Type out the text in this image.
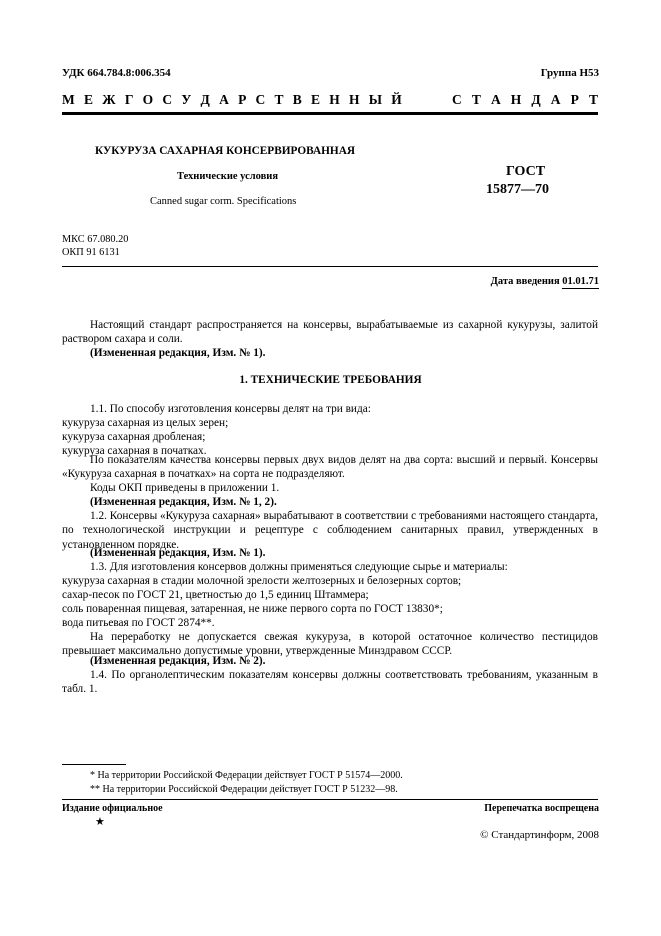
УДК 664.784.8:006.354	Группа Н53
М Е Ж Г О С У Д А Р С Т В Е Н Н Ы Й	С Т А Н Д А Р Т
КУКУРУЗА САХАРНАЯ КОНСЕРВИРОВАННАЯ
Технические условия
Canned sugar corm. Specifications
ГОСТ
15877—70
МКС 67.080.20
ОКП 91 6131
Дата введения 01.01.71
Настоящий стандарт распространяется на консервы, вырабатываемые из сахарной кукурузы, залитой раствором сахара и соли.
(Измененная редакция, Изм. № 1).
1. ТЕХНИЧЕСКИЕ ТРЕБОВАНИЯ
1.1. По способу изготовления консервы делят на три вида:
кукуруза сахарная из целых зерен;
кукуруза сахарная дробленая;
кукуруза сахарная в початках.
По показателям качества консервы первых двух видов делят на два сорта: высший и первый. Консервы «Кукуруза сахарная в початках» на сорта не подразделяют.
Коды ОКП приведены в приложении 1.
(Измененная редакция, Изм. № 1, 2).
1.2. Консервы «Кукуруза сахарная» вырабатывают в соответствии с требованиями настоящего стандарта, по технологической инструкции и рецептуре с соблюдением санитарных правил, утвержденных в установленном порядке.
(Измененная редакция, Изм. № 1).
1.3. Для изготовления консервов должны применяться следующие сырье и материалы:
кукуруза сахарная в стадии молочной зрелости желтозерных и белозерных сортов;
сахар-песок по ГОСТ 21, цветностью до 1,5 единиц Штаммера;
соль поваренная пищевая, затаренная, не ниже первого сорта по ГОСТ 13830*;
вода питьевая по ГОСТ 2874**.
На переработку не допускается свежая кукуруза, в которой остаточное количество пестицидов превышает максимально допустимые уровни, утвержденные Минздравом СССР.
(Измененная редакция, Изм. № 2).
1.4. По органолептическим показателям консервы должны соответствовать требованиям, указанным в табл. 1.
* На территории Российской Федерации действует ГОСТ Р 51574—2000.
** На территории Российской Федерации действует ГОСТ Р 51232—98.
Издание официальное
★
Перепечатка воспрещена
© Стандартинформ, 2008
